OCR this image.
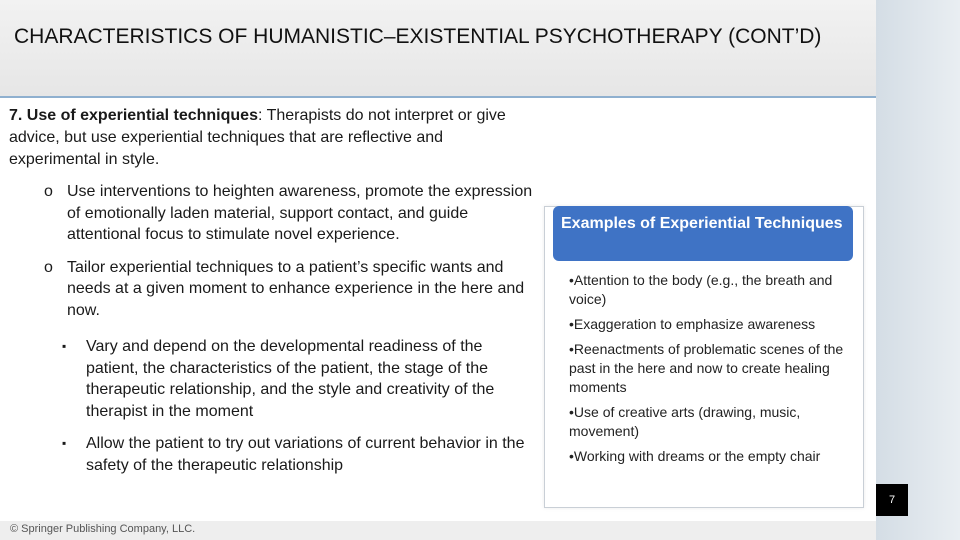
CHARACTERISTICS OF HUMANISTIC–EXISTENTIAL PSYCHOTHERAPY (CONT’D)
7
7. Use of experiential techniques: Therapists do not interpret or give advice, but use experiential techniques that are reflective and experimental in style.
o Use interventions to heighten awareness, promote the expression of emotionally laden material, support contact, and guide attentional focus to stimulate novel experience.
o Tailor experiential techniques to a patient’s specific wants and needs at a given moment to enhance experience in the here and now.
▪ Vary and depend on the developmental readiness of the patient, the characteristics of the patient, the stage of the therapeutic relationship, and the style and creativity of the therapist in the moment
▪ Allow the patient to try out variations of current behavior in the safety of the therapeutic relationship
Examples of Experiential Techniques
•Attention to the body (e.g., the breath and voice)
•Exaggeration to emphasize awareness
•Reenactments of problematic scenes of the past in the here and now to create healing moments
•Use of creative arts (drawing, music, movement)
•Working with dreams or the empty chair
© Springer Publishing Company, LLC.
